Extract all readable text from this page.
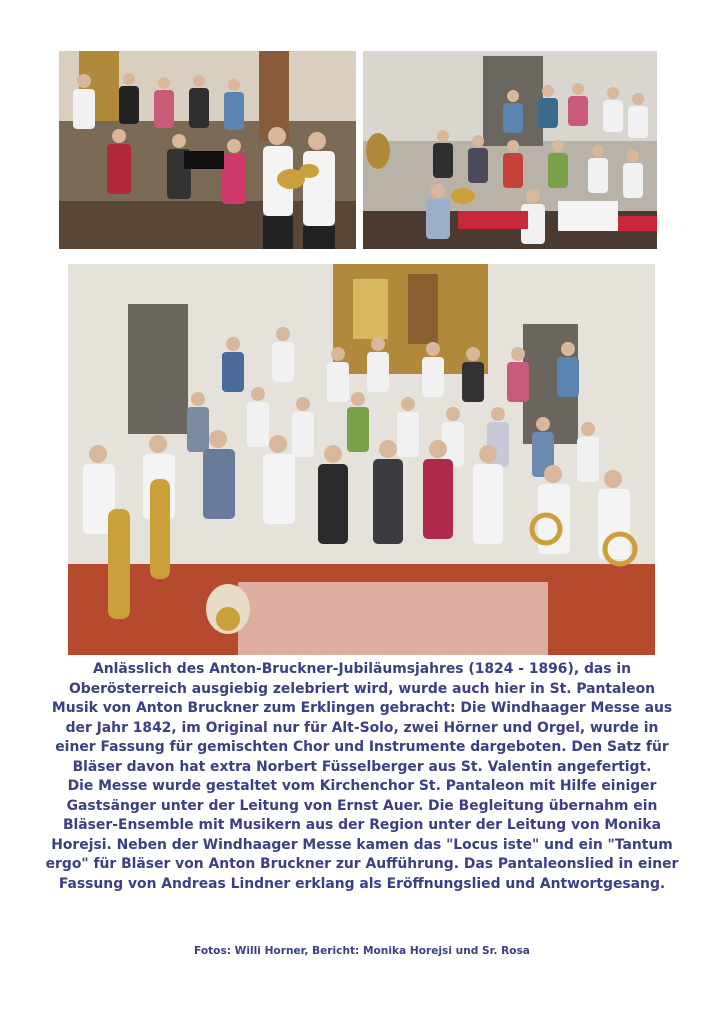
Anlässlich des Anton-Bruckner-Jubiläumsjahres (1824 - 1896), das in Oberösterreich ausgiebig zelebriert wird, wurde auch hier in St. Pantaleon Musik von Anton Bruckner zum Erklingen gebracht: Die Windhaager Messe aus der Jahr 1842, im Original nur für Alt-Solo, zwei Hörner und Orgel, wurde in einer Fassung für gemischten Chor und Instrumente dargeboten. Den Satz für Bläser davon hat extra Norbert Füsselberger aus St. Valentin angefertigt.

Die Messe wurde gestaltet vom Kirchenchor St. Pantaleon mit Hilfe einiger Gastsänger unter der Leitung von Ernst Auer. Die Begleitung übernahm ein Bläser-Ensemble mit Musikern aus der Region unter der Leitung von Monika Horejsi. Neben der Windhaager Messe kamen das "Locus iste" und ein "Tantum ergo" für Bläser von Anton Bruckner zur Aufführung. Das Pantaleonslied in einer Fassung von Andreas Lindner erklang als Eröffnungslied und Antwortgesang.

Fotos: Willi Horner, Bericht: Monika Horejsi und Sr. Rosa
